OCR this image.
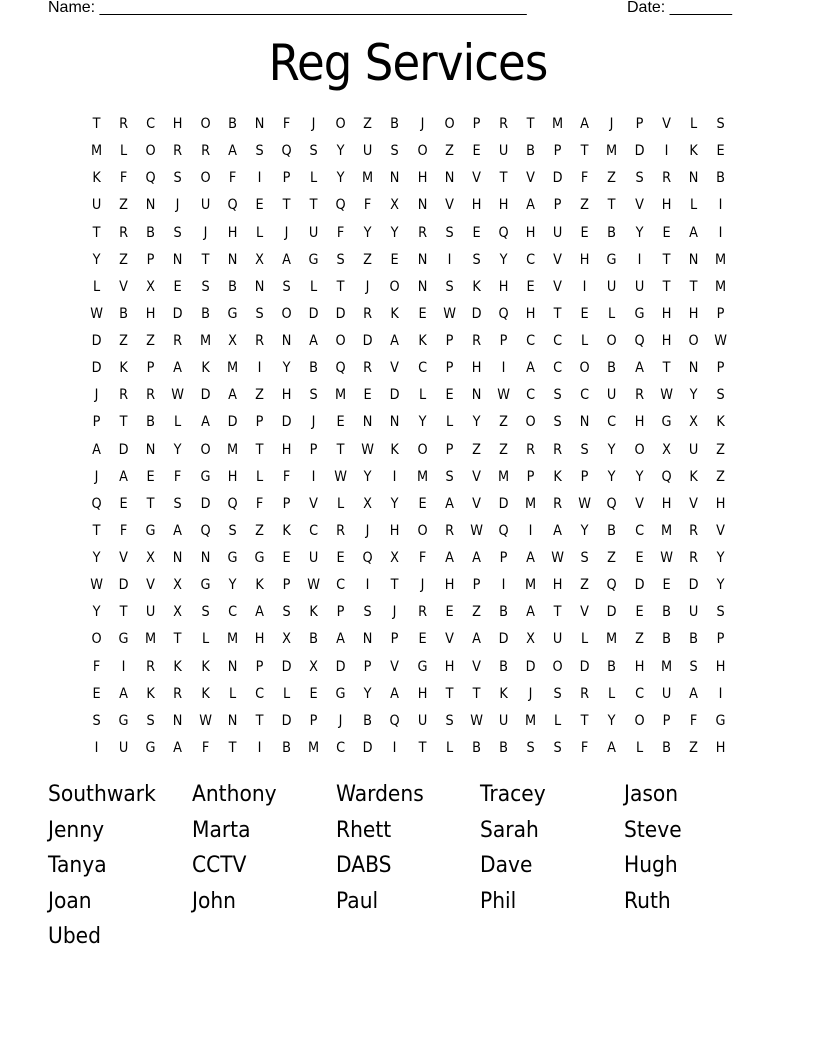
Name: ________________________________________________	Date: _______
Reg Services
T	R	C	H	O	B	N	F	J	O	Z	B	J	O	P	R	T	M	A	J	P	V	L	S
M	L	O	R	R	A	S	Q	S	Y	U	S	O	Z	E	U	B	P	T	M	D	I	K	E
K	F	Q	S	O	F	I	P	L	Y	M	N	H	N	V	T	V	D	F	Z	S	R	N	B
U	Z	N	J	U	Q	E	T	T	Q	F	X	N	V	H	H	A	P	Z	T	V	H	L	I
T	R	B	S	J	H	L	J	U	F	Y	Y	R	S	E	Q	H	U	E	B	Y	E	A	I
Y	Z	P	N	T	N	X	A	G	S	Z	E	N	I	S	Y	C	V	H	G	I	T	N	M
L	V	X	E	S	B	N	S	L	T	J	O	N	S	K	H	E	V	I	U	U	T	T	M
W	B	H	D	B	G	S	O	D	D	R	K	E	W	D	Q	H	T	E	L	G	H	H	P
D	Z	Z	R	M	X	R	N	A	O	D	A	K	P	R	P	C	C	L	O	Q	H	O	W
D	K	P	A	K	M	I	Y	B	Q	R	V	C	P	H	I	A	C	O	B	A	T	N	P
J	R	R	W	D	A	Z	H	S	M	E	D	L	E	N	W	C	S	C	U	R	W	Y	S
P	T	B	L	A	D	P	D	J	E	N	N	Y	L	Y	Z	O	S	N	C	H	G	X	K
A	D	N	Y	O	M	T	H	P	T	W	K	O	P	Z	Z	R	R	S	Y	O	X	U	Z
J	A	E	F	G	H	L	F	I	W	Y	I	M	S	V	M	P	K	P	Y	Y	Q	K	Z
Q	E	T	S	D	Q	F	P	V	L	X	Y	E	A	V	D	M	R	W	Q	V	H	V	H
T	F	G	A	Q	S	Z	K	C	R	J	H	O	R	W	Q	I	A	Y	B	C	M	R	V
Y	V	X	N	N	G	G	E	U	E	Q	X	F	A	A	P	A	W	S	Z	E	W	R	Y
W	D	V	X	G	Y	K	P	W	C	I	T	J	H	P	I	M	H	Z	Q	D	E	D	Y
Y	T	U	X	S	C	A	S	K	P	S	J	R	E	Z	B	A	T	V	D	E	B	U	S
O	G	M	T	L	M	H	X	B	A	N	P	E	V	A	D	X	U	L	M	Z	B	B	P
F	I	R	K	K	N	P	D	X	D	P	V	G	H	V	B	D	O	D	B	H	M	S	H
E	A	K	R	K	L	C	L	E	G	Y	A	H	T	T	K	J	S	R	L	C	U	A	I
S	G	S	N	W	N	T	D	P	J	B	Q	U	S	W	U	M	L	T	Y	O	P	F	G
I	U	G	A	F	T	I	B	M	C	D	I	T	L	B	B	S	S	F	A	L	B	Z	H
Southwark	Anthony	Wardens	Tracey	Jason
Jenny	Marta	Rhett	Sarah	Steve
Tanya	CCTV	DABS	Dave	Hugh
Joan	John	Paul	Phil	Ruth
Ubed
